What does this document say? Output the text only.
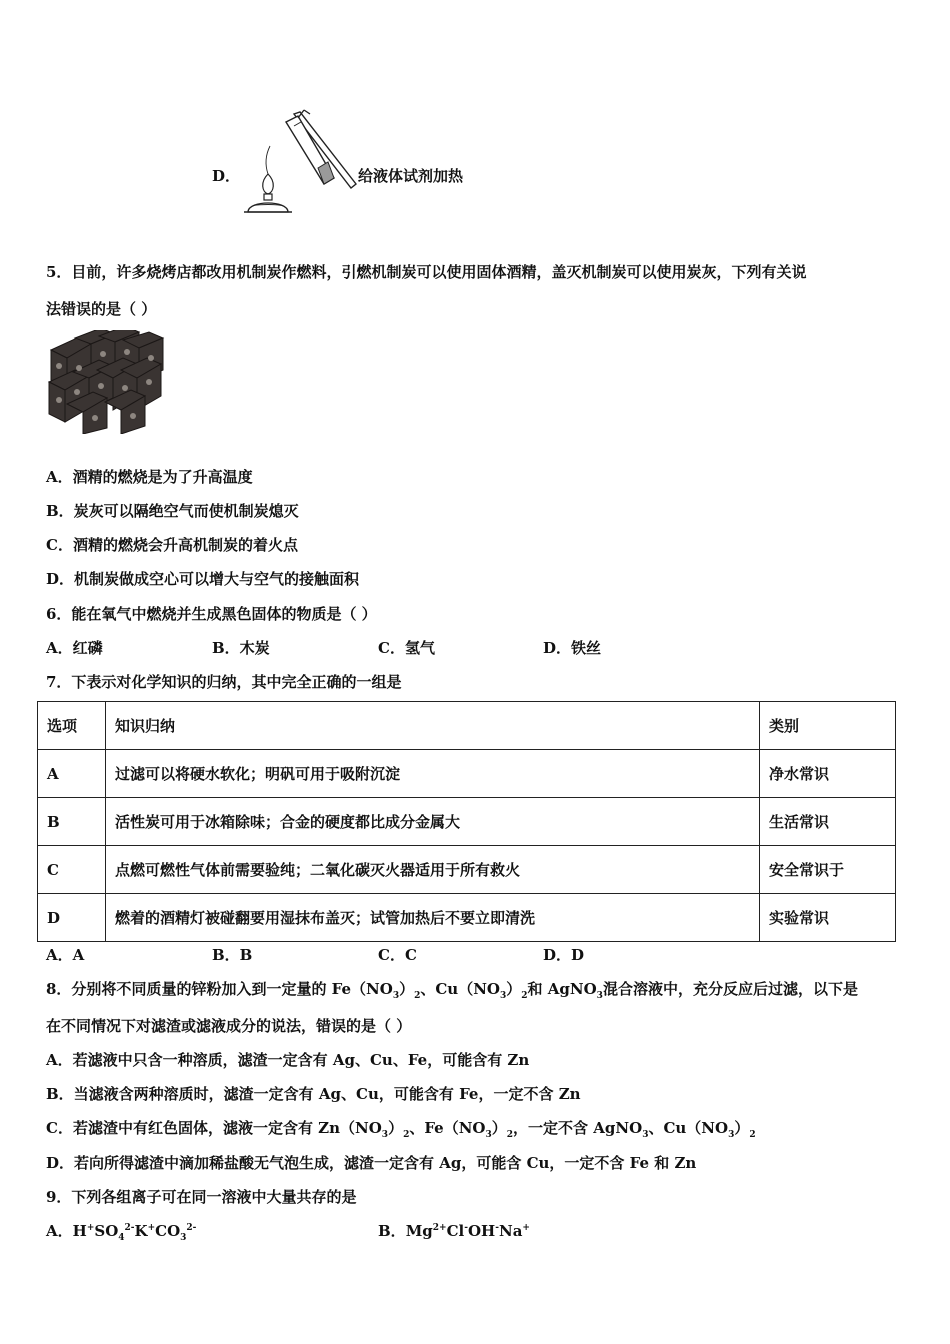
D．	给液体试剂加热
5．目前，许多烧烤店都改用机制炭作燃料，引燃机制炭可以使用固体酒精，盖灭机制炭可以使用炭灰，下列有关说
法错误的是（ ）
A．酒精的燃烧是为了升高温度
B．炭灰可以隔绝空气而使机制炭熄灭
C．酒精的燃烧会升高机制炭的着火点
D．机制炭做成空心可以增大与空气的接触面积
6．能在氧气中燃烧并生成黑色固体的物质是（ ）
A．红磷	B．木炭	C．氢气	D．铁丝
7．下表示对化学知识的归纳，其中完全正确的一组是
选项	知识归纳	类别
A	过滤可以将硬水软化；明矾可用于吸附沉淀	净水常识
B	活性炭可用于冰箱除味；合金的硬度都比成分金属大	生活常识
C	点燃可燃性气体前需要验纯；二氧化碳灭火器适用于所有救火	安全常识于
D	燃着的酒精灯被碰翻要用湿抹布盖灭；试管加热后不要立即清洗	实验常识
A．A	B．B	C．C	D．D
8．分别将不同质量的锌粉加入到一定量的 $Fe(NO_3)_2$、$Cu(NO_3)_2$和 AgNO$_3$混合溶液中，充分反应后过滤，以下是
在不同情况下对滤渣或滤液成分的说法，错误的是（ ）
A．若滤液中只含一种溶质，滤渣一定含有 Ag、Cu、Fe，可能含有 Zn
B．当滤液含两种溶质时，滤渣一定含有 Ag、Cu，可能含有 Fe，一定不含 Zn
C．若滤渣中有红色固体，滤液一定含有 $Zn(NO_3)_2$、$Fe(NO_3)_2$，一定不含 AgNO$_3$、$Cu(NO_3)_2$
D．若向所得滤渣中滴加稀盐酸无气泡生成，滤渣一定含有 Ag，可能含 Cu，一定不含 Fe 和 Zn
9．下列各组离子可在同一溶液中大量共存的是
A．$H^+SO_4^{2-}K^+CO_3^{2-}$	B．$Mg^{2+}Cl^-OH^-Na^+$
